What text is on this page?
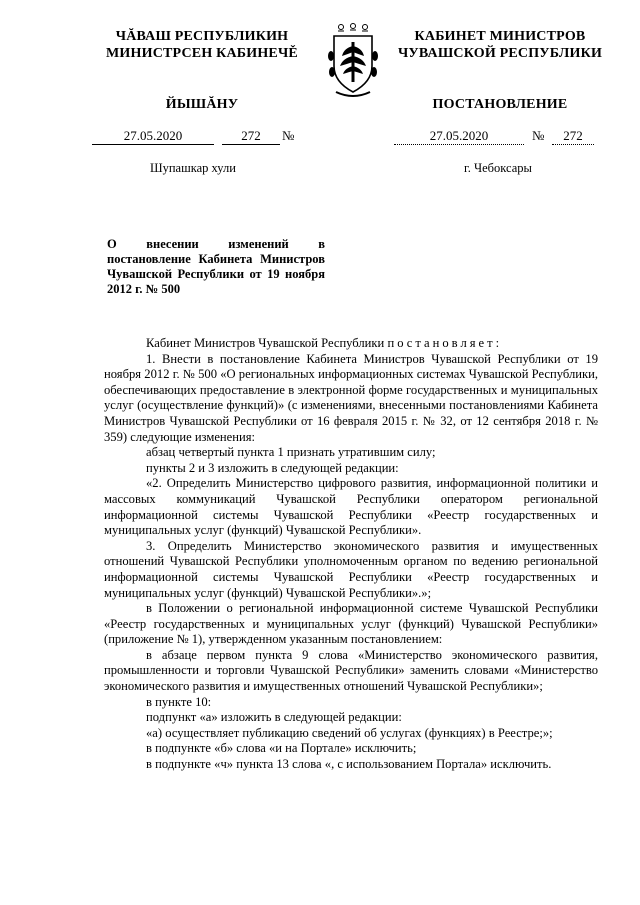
ЧĂВАШ РЕСПУБЛИКИН
МИНИСТРСЕН КАБИНЕЧĚ
ЙЫШĂНУ
КАБИНЕТ МИНИСТРОВ
ЧУВАШСКОЙ РЕСПУБЛИКИ
ПОСТАНОВЛЕНИЕ
27.05.2020	272	№	27.05.2020	№	272
Шупашкар хули	г. Чебоксары
О внесении изменений в постановление Кабинета Министров Чувашской Республики от 19 ноября 2012 г. № 500

Кабинет Министров Чувашской Республики постановляет:

1. Внести в постановление Кабинета Министров Чувашской Республики от 19 ноября 2012 г. № 500 «О региональных информационных системах Чувашской Республики, обеспечивающих предоставление в электронной форме государственных и муниципальных услуг (осуществление функций)» (с изменениями, внесенными постановлениями Кабинета Министров Чувашской Республики от 16 февраля 2015 г. № 32, от 12 сентября 2018 г. № 359) следующие изменения:

абзац четвертый пункта 1 признать утратившим силу;

пункты 2 и 3 изложить в следующей редакции:

«2. Определить Министерство цифрового развития, информационной политики и массовых коммуникаций Чувашской Республики оператором региональной информационной системы Чувашской Республики «Реестр государственных и муниципальных услуг (функций) Чувашской Республики».

3. Определить Министерство экономического развития и имущественных отношений Чувашской Республики уполномоченным органом по ведению региональной информационной системы Чувашской Республики «Реестр государственных и муниципальных услуг (функций) Чувашской Республики».»;

в Положении о региональной информационной системе Чувашской Республики «Реестр государственных и муниципальных услуг (функций) Чувашской Республики» (приложение № 1), утвержденном указанным постановлением:

в абзаце первом пункта 9 слова «Министерство экономического развития, промышленности и торговли Чувашской Республики» заменить словами «Министерство экономического развития и имущественных отношений Чувашской Республики»;

в пункте 10:

подпункт «а» изложить в следующей редакции:

«а) осуществляет публикацию сведений об услугах (функциях) в Реестре;»;

в подпункте «б» слова «и на Портале» исключить;

в подпункте «ч» пункта 13 слова «, с использованием Портала» исключить.
